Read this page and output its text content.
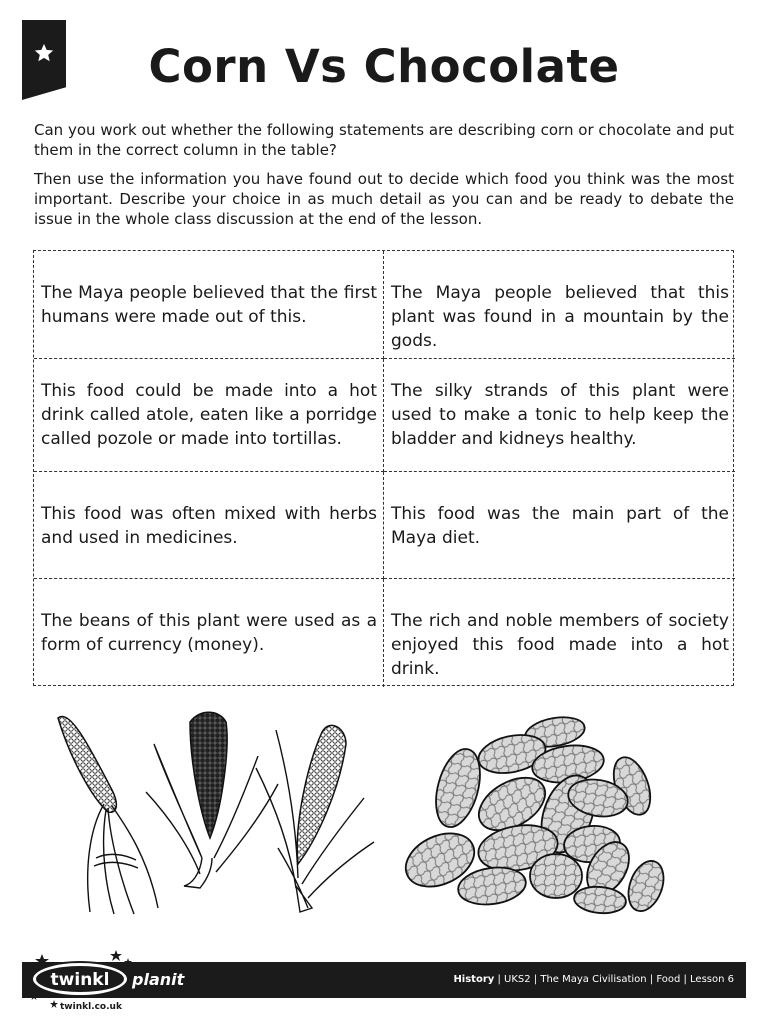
Corn Vs Chocolate

Can you work out whether the following statements are describing corn or chocolate and put them in the correct column in the table?

Then use the information you have found out to decide which food you think was the most important. Describe your choice in as much detail as you can and be ready to debate the issue in the whole class discussion at the end of the lesson.

The Maya people believed that the first humans were made out of this.
The Maya people believed that this plant was found in a mountain by the gods.
This food could be made into a hot drink called atole, eaten like a porridge called pozole or made into tortillas.
The silky strands of this plant were used to make a tonic to help keep the bladder and kidneys healthy.
This food was often mixed with herbs and used in medicines.
This food was the main part of the Maya diet.
The beans of this plant were used as a form of currency (money).
The rich and noble members of society enjoyed this food made into a hot drink.
twinkl planit	History | UKS2 | The Maya Civilisation | Food | Lesson 6
twinkl.co.uk
